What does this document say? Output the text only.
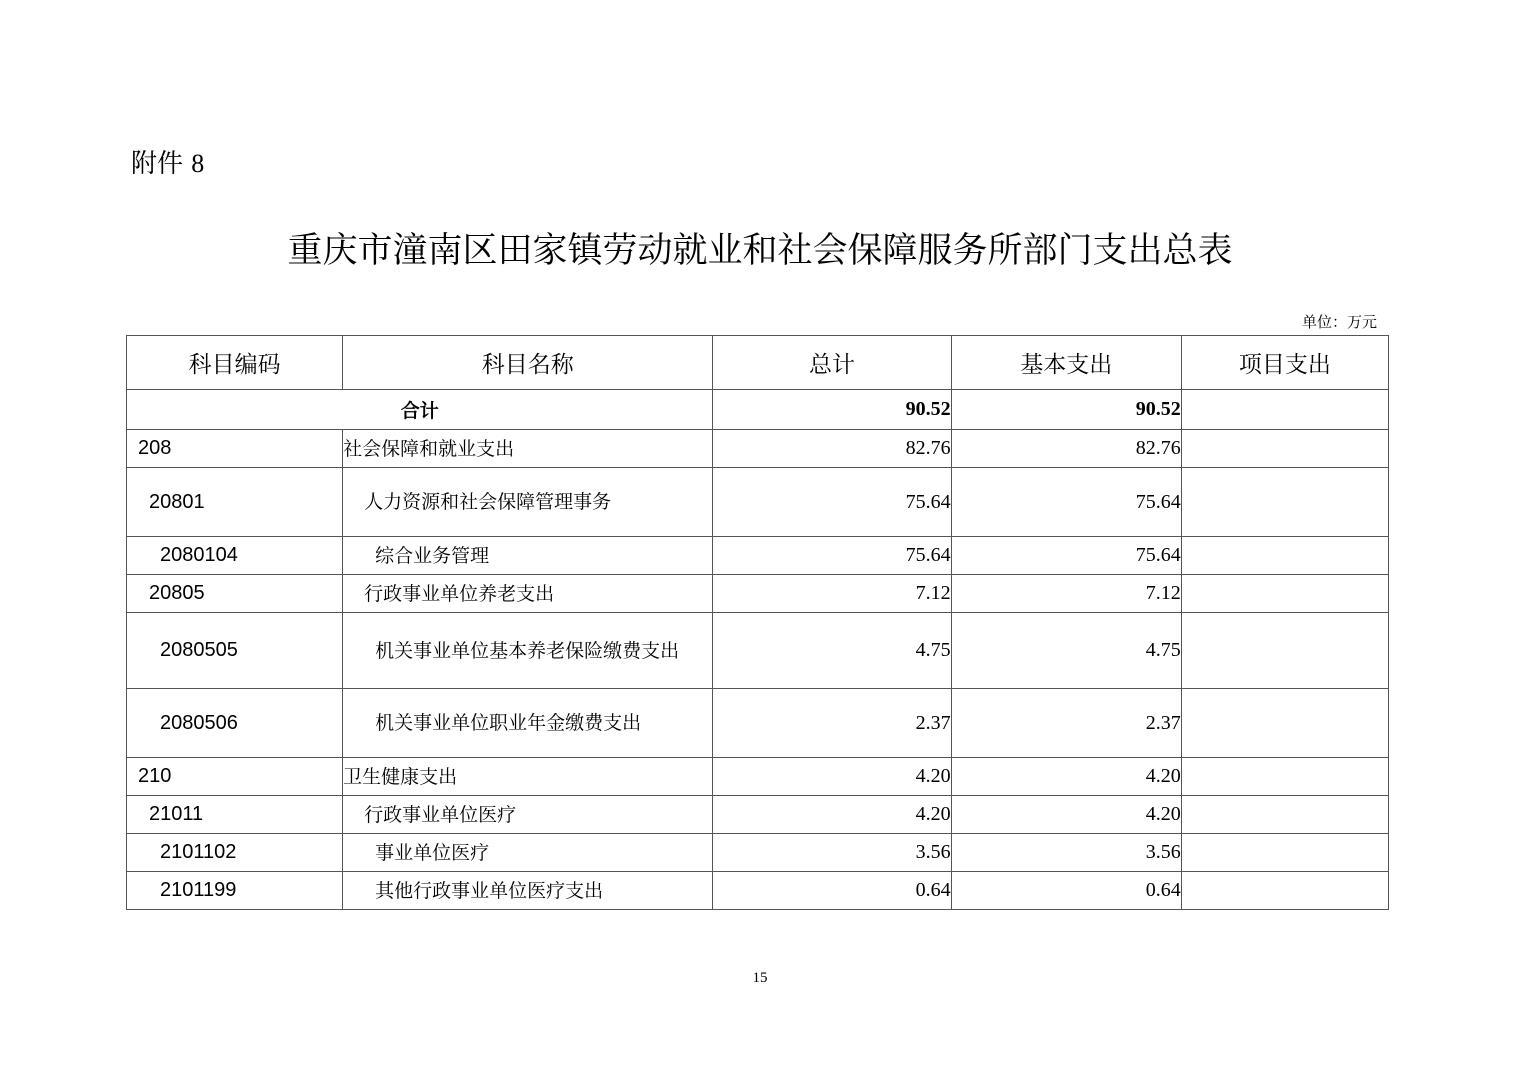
附件 8
重庆市潼南区田家镇劳动就业和社会保障服务所部门支出总表
单位：万元
科目编码	科目名称	总计	基本支出	项目支出
合计		90.52	90.52	
208	社会保障和就业支出	82.76	82.76	
20801	人力资源和社会保障管理事务	75.64	75.64	
2080104	综合业务管理	75.64	75.64	
20805	行政事业单位养老支出	7.12	7.12	
2080505	机关事业单位基本养老保险缴费支出	4.75	4.75	
2080506	机关事业单位职业年金缴费支出	2.37	2.37	
210	卫生健康支出	4.20	4.20	
21011	行政事业单位医疗	4.20	4.20	
2101102	事业单位医疗	3.56	3.56	
2101199	其他行政事业单位医疗支出	0.64	0.64	
15
